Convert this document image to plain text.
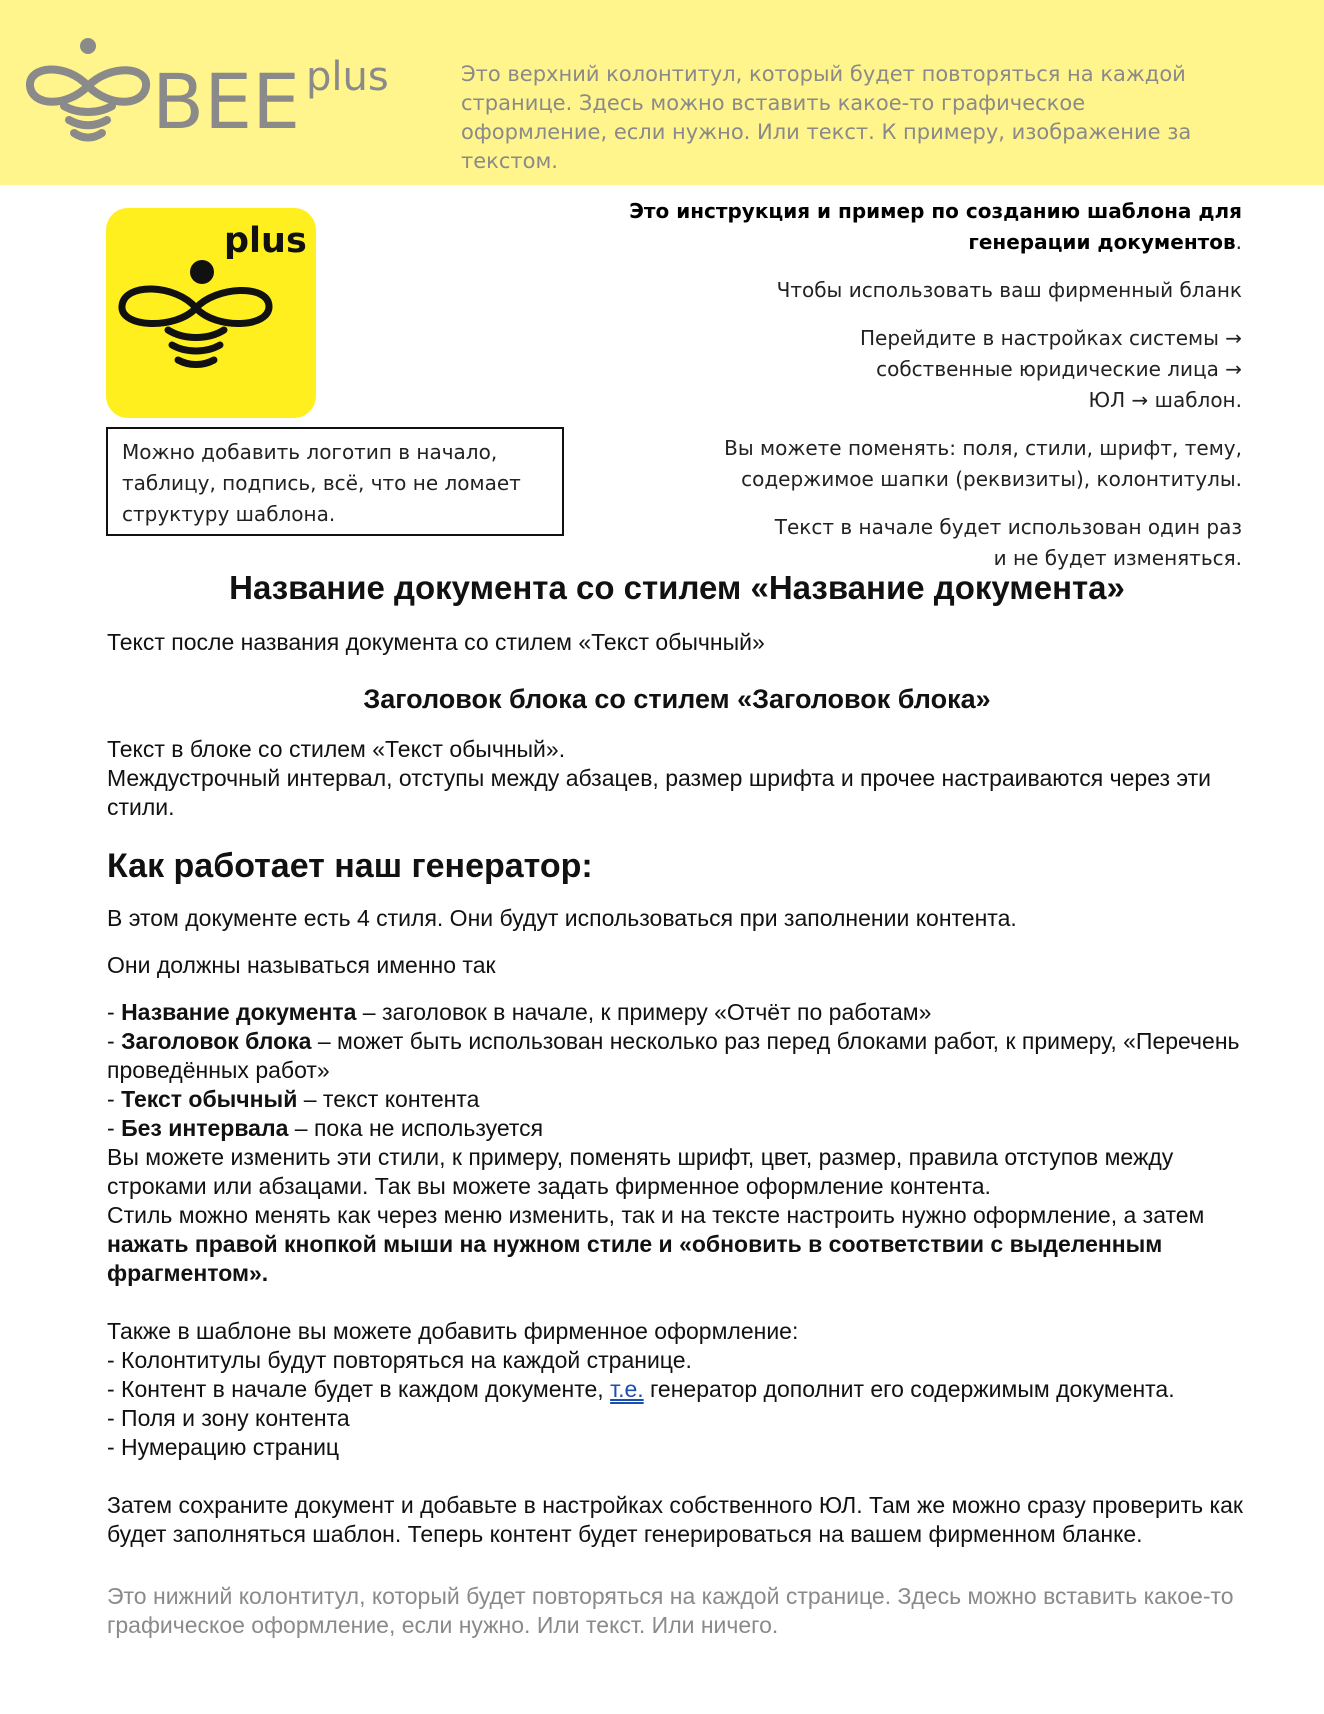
BEE plus	Это верхний колонтитул, который будет повторяться на каждой странице. Здесь можно вставить какое-то графическое оформление, если нужно. Или текст. К примеру, изображение за текстом.
plus
Можно добавить логотип в начало, таблицу, подпись, всё, что не ломает структуру шаблона.

Это инструкция и пример по созданию шаблона для генерации документов.

Чтобы использовать ваш фирменный бланк

Перейдите в настройках системы →
собственные юридические лица →
ЮЛ → шаблон.

Вы можете поменять: поля, стили, шрифт, тему, содержимое шапки (реквизиты), колонтитулы.

Текст в начале будет использован один раз
и не будет изменяться.

Название документа со стилем «Название документа»

Текст после названия документа со стилем «Текст обычный»

Заголовок блока со стилем «Заголовок блока»

Текст в блоке со стилем «Текст обычный».

Междустрочный интервал, отступы между абзацев, размер шрифта и прочее настраиваются через эти стили.

Как работает наш генератор:

В этом документе есть 4 стиля. Они будут использоваться при заполнении контента.

Они должны называться именно так

- Название документа – заголовок в начале, к примеру «Отчёт по работам»
- Заголовок блока – может быть использован несколько раз перед блоками работ, к примеру, «Перечень проведённых работ»
- Текст обычный – текст контента
- Без интервала – пока не используется

Вы можете изменить эти стили, к примеру, поменять шрифт, цвет, размер, правила отступов между строками или абзацами. Так вы можете задать фирменное оформление контента.

Стиль можно менять как через меню изменить, так и на тексте настроить нужно оформление, а затем нажать правой кнопкой мыши на нужном стиле и «обновить в соответствии с выделенным фрагментом».

Также в шаблоне вы можете добавить фирменное оформление:
- Колонтитулы будут повторяться на каждой странице.
- Контент в начале будет в каждом документе, т.е. генератор дополнит его содержимым документа.
- Поля и зону контента
- Нумерацию страниц

Затем сохраните документ и добавьте в настройках собственного ЮЛ. Там же можно сразу проверить как будет заполняться шаблон. Теперь контент будет генерироваться на вашем фирменном бланке.

Это нижний колонтитул, который будет повторяться на каждой странице. Здесь можно вставить какое-то графическое оформление, если нужно. Или текст. Или ничего.
